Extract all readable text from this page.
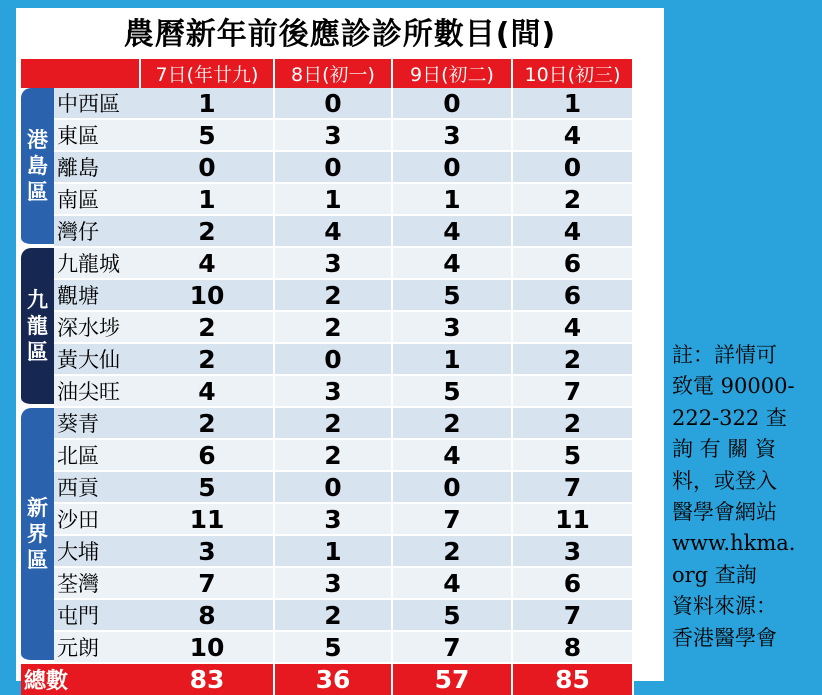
農曆新年前後應診診所數目(間)
		7日(年廿九)	8日(初一)	9日(初二)	10日(初三)

港
島
區	中西區	1	0	0	1
	東區	5	3	3	4
	離島	0	0	0	0
	南區	1	1	1	2
	灣仔	2	4	4	4

九
龍
區	九龍城	4	3	4	6
	觀塘	10	2	5	6
	深水埗	2	2	3	4
	黃大仙	2	0	1	2
	油尖旺	4	3	5	7

新
界
區	葵青	2	2	2	2
	北區	6	2	4	5
	西貢	5	0	0	7
	沙田	11	3	7	11
	大埔	3	1	2	3
	荃灣	7	3	4	6
	屯門	8	2	5	7
	元朗	10	5	7	8
總數		83	36	57	85
註：詳情可
致電 90000-
222-322 查
詢 有 關 資
料，或登入
醫學會網站
www.hkma.
org 查詢
資料來源：
香港醫學會
